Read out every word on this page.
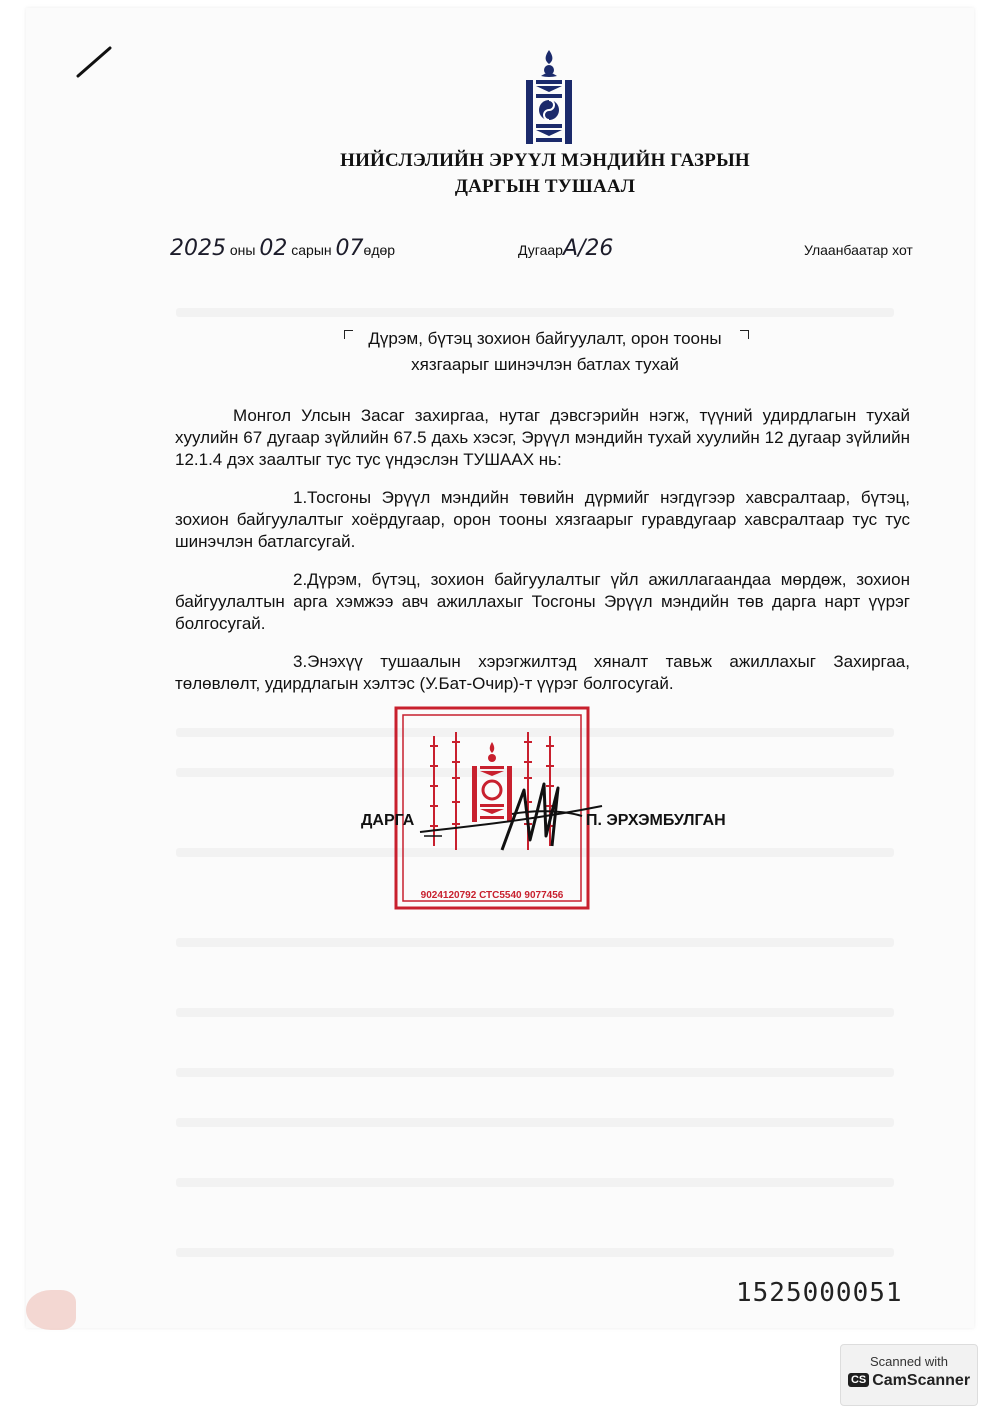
НИЙСЛЭЛИЙН ЭРҮҮЛ МЭНДИЙН ГАЗРЫН
ДАРГЫН ТУШААЛ
2025 оны 02 сарын 07өдөр	ДугаарА/26	Улаанбаатар хот
Дүрэм, бүтэц зохион байгуулалт, орон тооны
хязгаарыг шинэчлэн батлах тухай
Монгол Улсын Засаг захиргаа, нутаг дэвсгэрийн нэгж, түүний удирдлагын тухай хуулийн 67 дугаар зүйлийн 67.5 дахь хэсэг, Эрүүл мэндийн тухай хуулийн 12 дугаар зүйлийн 12.1.4 дэх заалтыг тус тус үндэслэн ТУШААХ нь:
1.Тосгоны Эрүүл мэндийн төвийн дүрмийг нэгдүгээр хавсралтаар, бүтэц, зохион байгуулалтыг хоёрдугаар, орон тооны хязгаарыг гуравдугаар хавсралтаар тус тус шинэчлэн батлагсугай.
2.Дүрэм, бүтэц, зохион байгуулалтыг үйл ажиллагаандаа мөрдөж, зохион байгуулалтын арга хэмжээ авч ажиллахыг Тосгоны Эрүүл мэндийн төв дарга нарт үүрэг болгосугай.
3.Энэхүү тушаалын хэрэгжилтэд хяналт тавьж ажиллахыг Захиргаа, төлөвлөлт, удирдлагын хэлтэс (У.Бат-Очир)-т үүрэг болгосугай.
9024120792 СТС5540 9077456
ДАРГА	П. ЭРХЭМБУЛГАН
1525000051
Scanned with
CS CamScanner
